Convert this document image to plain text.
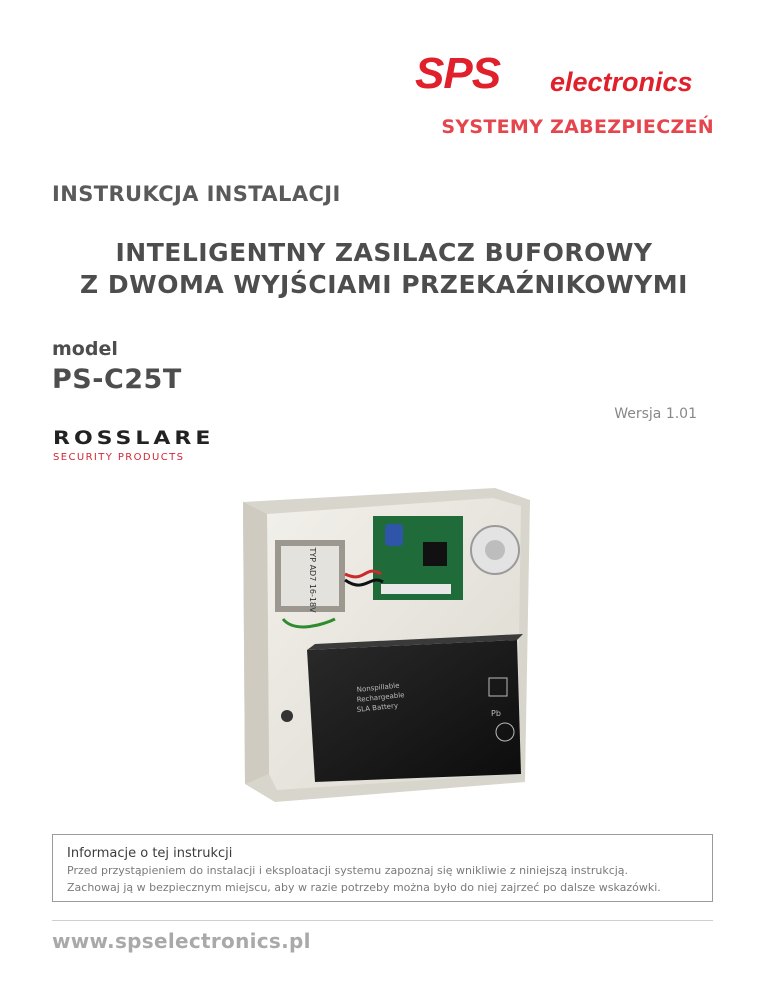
SPS electronics
SYSTEMY ZABEZPIECZEŃ
INSTRUKCJA INSTALACJI
INTELIGENTNY ZASILACZ BUFOROWY
Z DWOMA WYJŚCIAMI PRZEKAŹNIKOWYMI
model
PS-C25T
Wersja 1.01
ROSSLARE
SECURITY PRODUCTS
TYP AD7 16-18V
Nonspillable
Rechargeable
SLA Battery	Pb
Informacje o tej instrukcji
Przed przystąpieniem do instalacji i eksploatacji systemu zapoznaj się wnikliwie z niniejszą instrukcją.
Zachowaj ją w bezpiecznym miejscu, aby w razie potrzeby można było do niej zajrzeć po dalsze wskazówki.
www.spselectronics.pl
